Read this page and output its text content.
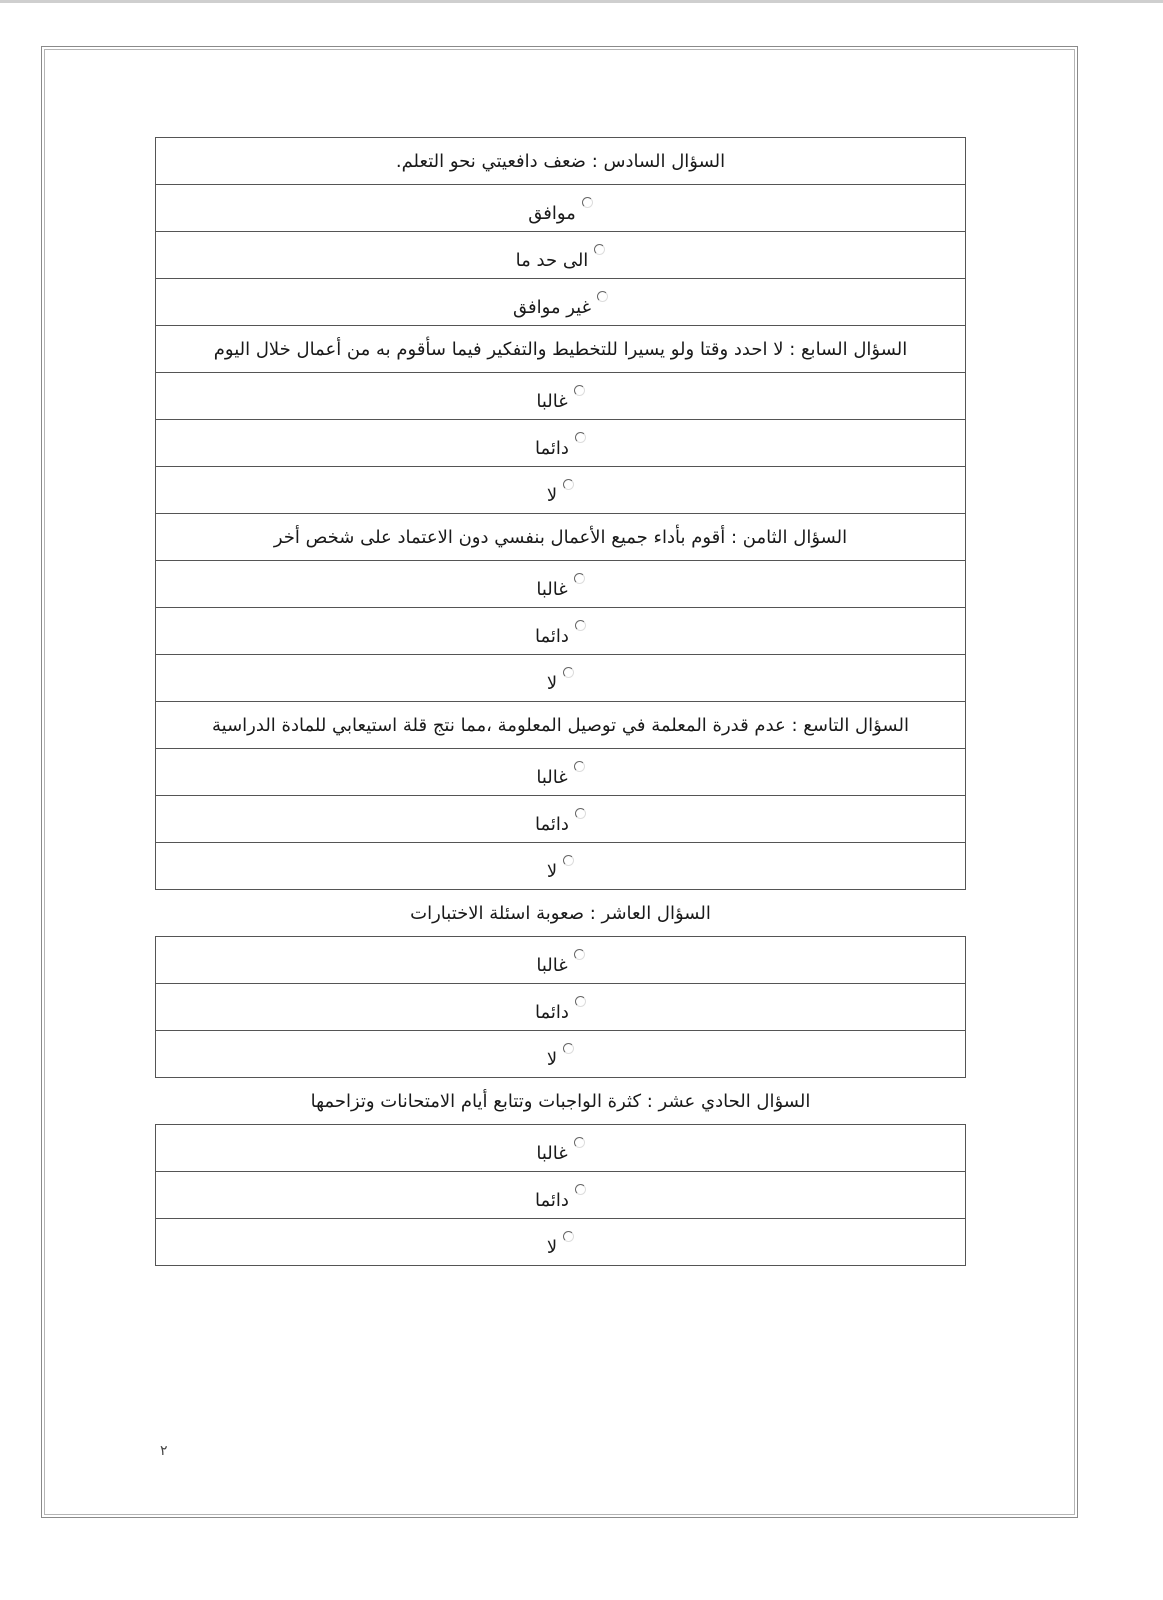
السؤال السادس : ضعف دافعيتي نحو التعلم.

موافق

الى حد ما

غير موافق

السؤال السابع : لا احدد وقتا ولو يسيرا للتخطيط والتفكير فيما سأقوم به من أعمال خلال اليوم

غالبا

دائما

لا

السؤال الثامن : أقوم بأداء جميع الأعمال بنفسي دون الاعتماد على شخص أخر

غالبا

دائما

لا

السؤال التاسع : عدم قدرة المعلمة في توصيل المعلومة ،مما نتج قلة استيعابي للمادة الدراسية

غالبا

دائما

لا

السؤال العاشر : صعوبة اسئلة الاختبارات

غالبا

دائما

لا

السؤال الحادي عشر : كثرة الواجبات وتتابع أيام الامتحانات وتزاحمها

غالبا

دائما

لا
٢
